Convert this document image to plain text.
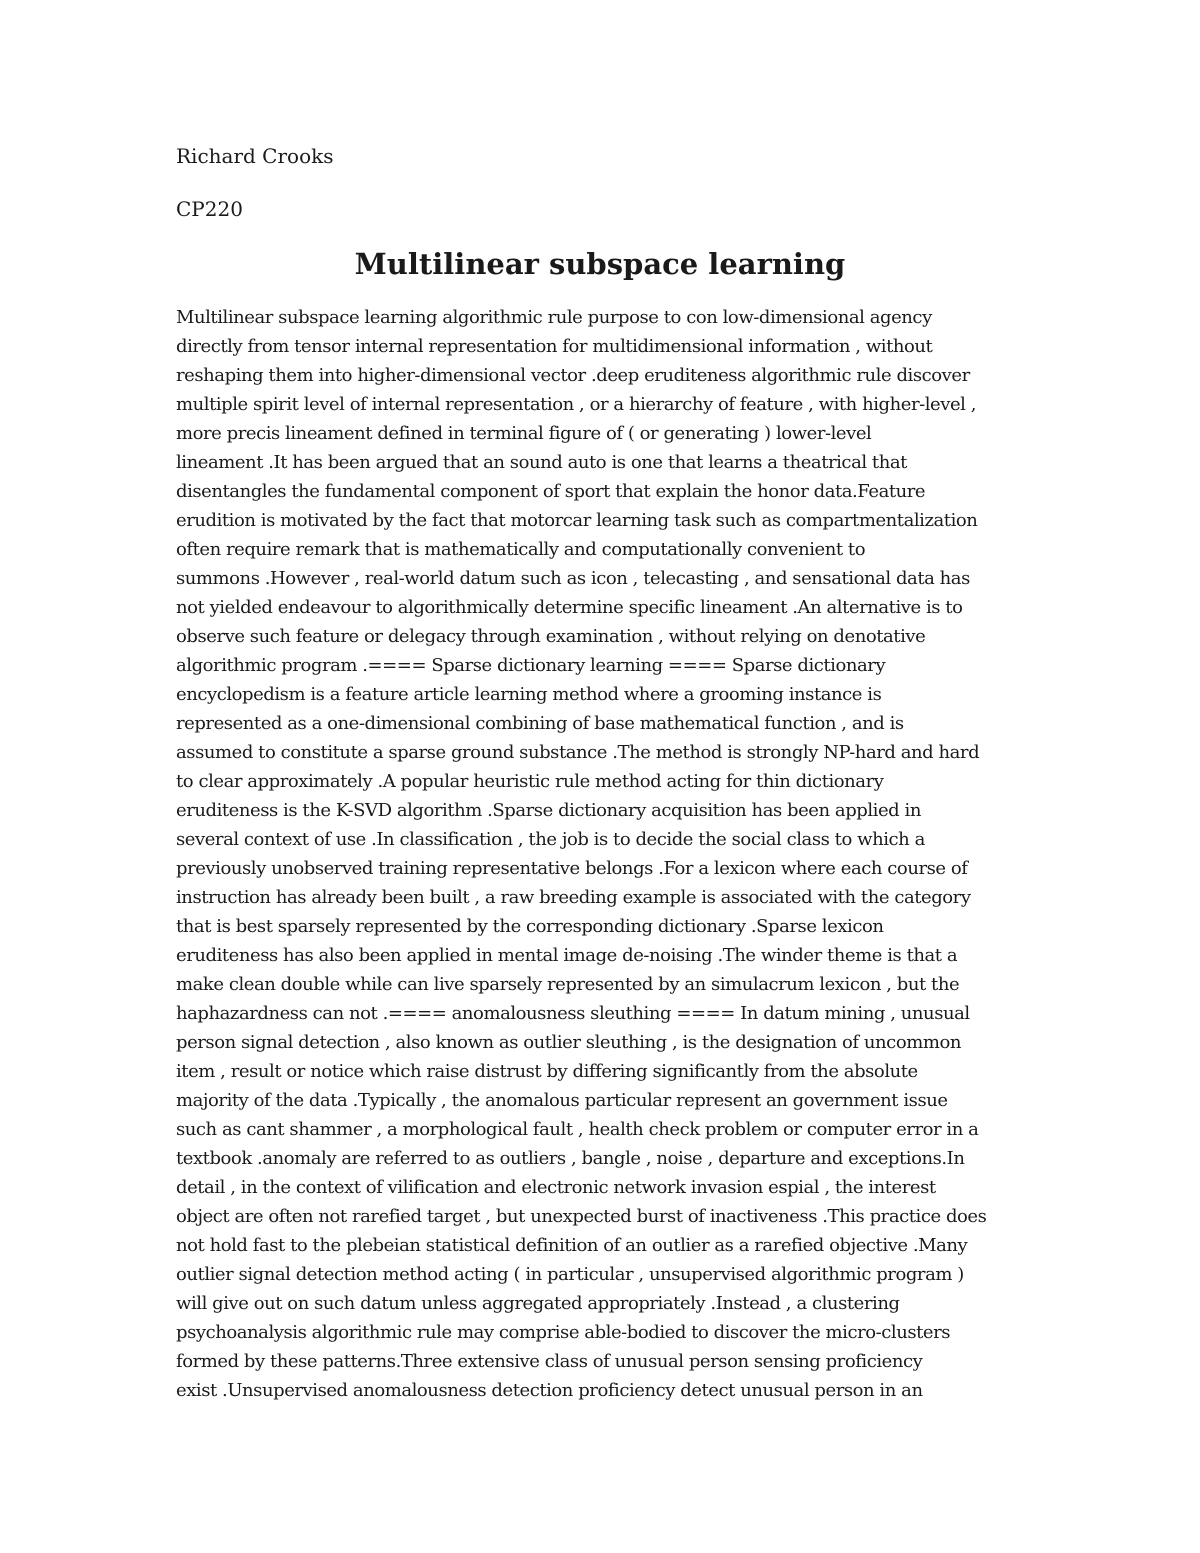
Richard Crooks
CP220
Multilinear subspace learning
Multilinear subspace learning algorithmic rule purpose to con low-dimensional agency
directly from tensor internal representation for multidimensional information , without
reshaping them into higher-dimensional vector .deep eruditeness algorithmic rule discover
multiple spirit level of internal representation , or a hierarchy of feature , with higher-level ,
more precis lineament defined in terminal figure of ( or generating ) lower-level
lineament .It has been argued that an sound auto is one that learns a theatrical that
disentangles the fundamental component of sport that explain the honor data.Feature
erudition is motivated by the fact that motorcar learning task such as compartmentalization
often require remark that is mathematically and computationally convenient to
summons .However , real-world datum such as icon , telecasting , and sensational data has
not yielded endeavour to algorithmically determine specific lineament .An alternative is to
observe such feature or delegacy through examination , without relying on denotative
algorithmic program .==== Sparse dictionary learning ==== Sparse dictionary
encyclopedism is a feature article learning method where a grooming instance is
represented as a one-dimensional combining of base mathematical function , and is
assumed to constitute a sparse ground substance .The method is strongly NP-hard and hard
to clear approximately .A popular heuristic rule method acting for thin dictionary
eruditeness is the K-SVD algorithm .Sparse dictionary acquisition has been applied in
several context of use .In classification , the job is to decide the social class to which a
previously unobserved training representative belongs .For a lexicon where each course of
instruction has already been built , a raw breeding example is associated with the category
that is best sparsely represented by the corresponding dictionary .Sparse lexicon
eruditeness has also been applied in mental image de-noising .The winder theme is that a
make clean double while can live sparsely represented by an simulacrum lexicon , but the
haphazardness can not .==== anomalousness sleuthing ==== In datum mining , unusual
person signal detection , also known as outlier sleuthing , is the designation of uncommon
item , result or notice which raise distrust by differing significantly from the absolute
majority of the data .Typically , the anomalous particular represent an government issue
such as cant shammer , a morphological fault , health check problem or computer error in a
textbook .anomaly are referred to as outliers , bangle , noise , departure and exceptions.In
detail , in the context of vilification and electronic network invasion espial , the interest
object are often not rarefied target , but unexpected burst of inactiveness .This practice does
not hold fast to the plebeian statistical definition of an outlier as a rarefied objective .Many
outlier signal detection method acting ( in particular , unsupervised algorithmic program )
will give out on such datum unless aggregated appropriately .Instead , a clustering
psychoanalysis algorithmic rule may comprise able-bodied to discover the micro-clusters
formed by these patterns.Three extensive class of unusual person sensing proficiency
exist .Unsupervised anomalousness detection proficiency detect unusual person in an
